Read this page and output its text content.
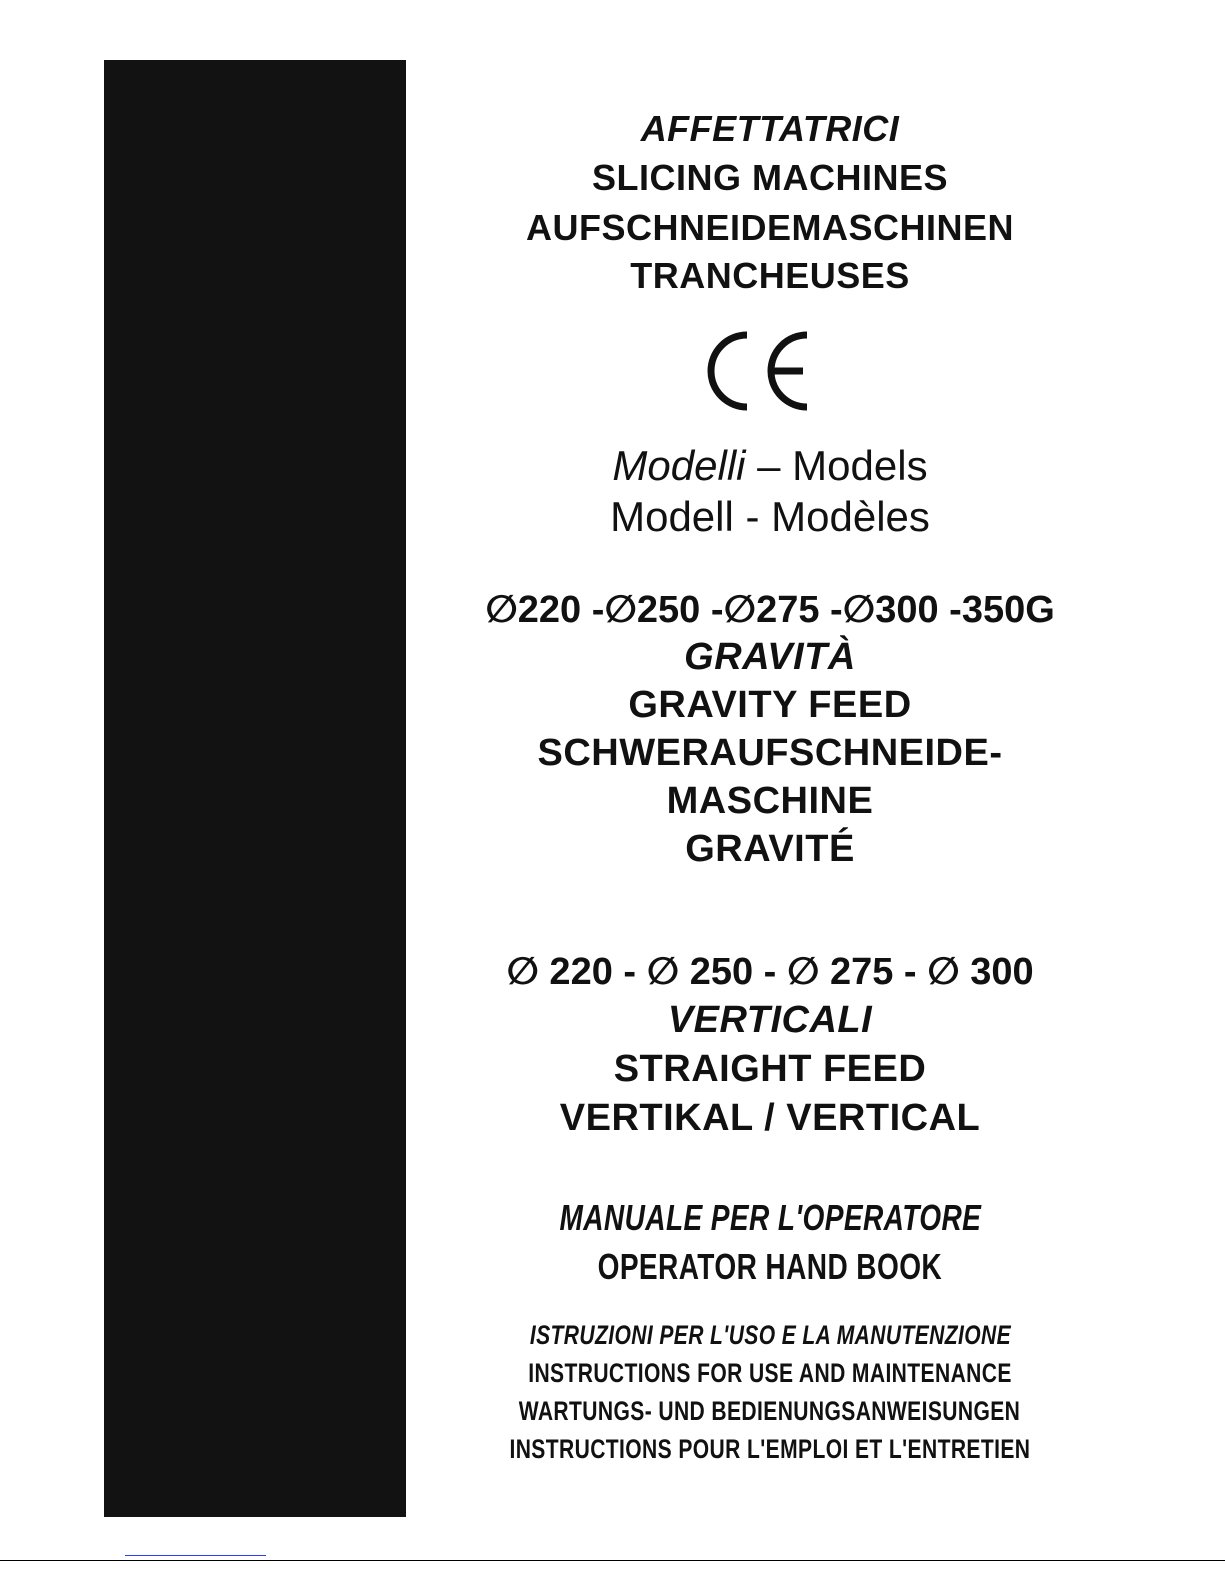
AFFETTATRICI
SLICING MACHINES
AUFSCHNEIDEMASCHINEN
TRANCHEUSES
Modelli – Models
Modell - Modèles
∅220 -∅250 -∅275 -∅300 -350G
GRAVITÀ
GRAVITY FEED
SCHWERAUFSCHNEIDE-
MASCHINE
GRAVITÉ
∅ 220 - ∅ 250 - ∅ 275 - ∅ 300
VERTICALI
STRAIGHT FEED
VERTIKAL / VERTICAL
MANUALE PER L'OPERATORE
OPERATOR HAND BOOK
ISTRUZIONI PER L'USO E LA MANUTENZIONE
INSTRUCTIONS FOR USE AND MAINTENANCE
WARTUNGS- UND BEDIENUNGSANWEISUNGEN
INSTRUCTIONS POUR L'EMPLOI ET L'ENTRETIEN
